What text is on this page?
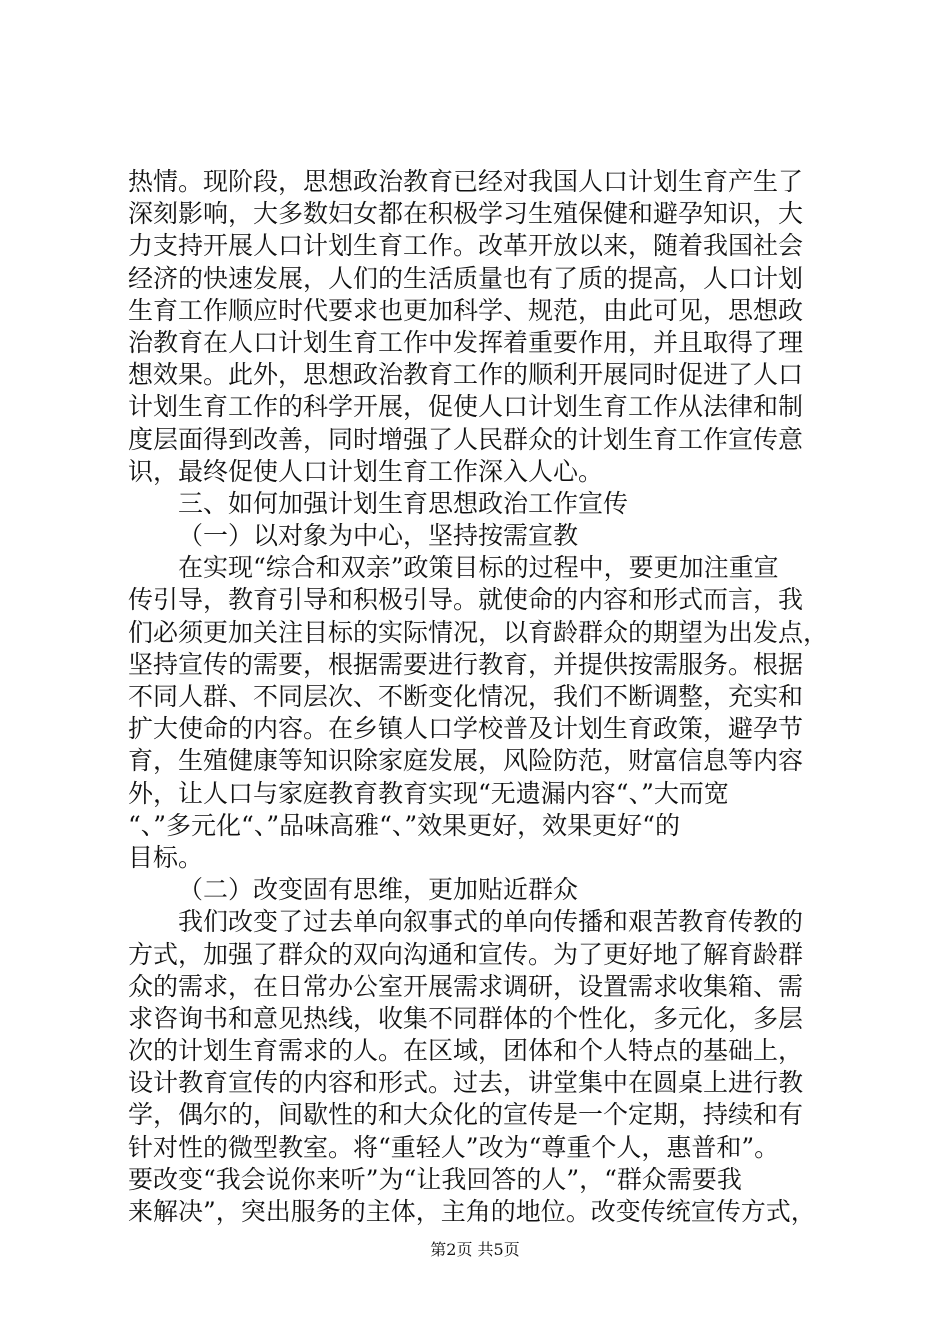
热情。现阶段，思想政治教育已经对我国人口计划生育产生了
深刻影响，大多数妇女都在积极学习生殖保健和避孕知识，大
力支持开展人口计划生育工作。改革开放以来，随着我国社会
经济的快速发展，人们的生活质量也有了质的提高，人口计划
生育工作顺应时代要求也更加科学、规范，由此可见，思想政
治教育在人口计划生育工作中发挥着重要作用，并且取得了理
想效果。此外，思想政治教育工作的顺利开展同时促进了人口
计划生育工作的科学开展，促使人口计划生育工作从法律和制
度层面得到改善，同时增强了人民群众的计划生育工作宣传意
识，最终促使人口计划生育工作深入人心。
三、如何加强计划生育思想政治工作宣传
（一）以对象为中心，坚持按需宣教
在实现“综合和双亲”政策目标的过程中，要更加注重宣
传引导，教育引导和积极引导。就使命的内容和形式而言，我
们必须更加关注目标的实际情况，以育龄群众的期望为出发点，
坚持宣传的需要，根据需要进行教育，并提供按需服务。根据
不同人群、不同层次、不断变化情况，我们不断调整，充实和
扩大使命的内容。在乡镇人口学校普及计划生育政策，避孕节
育，生殖健康等知识除家庭发展，风险防范，财富信息等内容
外，让人口与家庭教育教育实现“无遗漏内容“、”大而宽
“、”多元化“、”品味高雅“、”效果更好，效果更好“的
目标。
（二）改变固有思维，更加贴近群众
我们改变了过去单向叙事式的单向传播和艰苦教育传教的
方式，加强了群众的双向沟通和宣传。为了更好地了解育龄群
众的需求，在日常办公室开展需求调研，设置需求收集箱、需
求咨询书和意见热线，收集不同群体的个性化，多元化，多层
次的计划生育需求的人。在区域，团体和个人特点的基础上，
设计教育宣传的内容和形式。过去，讲堂集中在圆桌上进行教
学，偶尔的，间歇性的和大众化的宣传是一个定期，持续和有
针对性的微型教室。将“重轻人”改为“尊重个人，惠普和”。
要改变“我会说你来听”为“让我回答的人”，“群众需要我
来解决”，突出服务的主体，主角的地位。改变传统宣传方式，
第2页 共5页
